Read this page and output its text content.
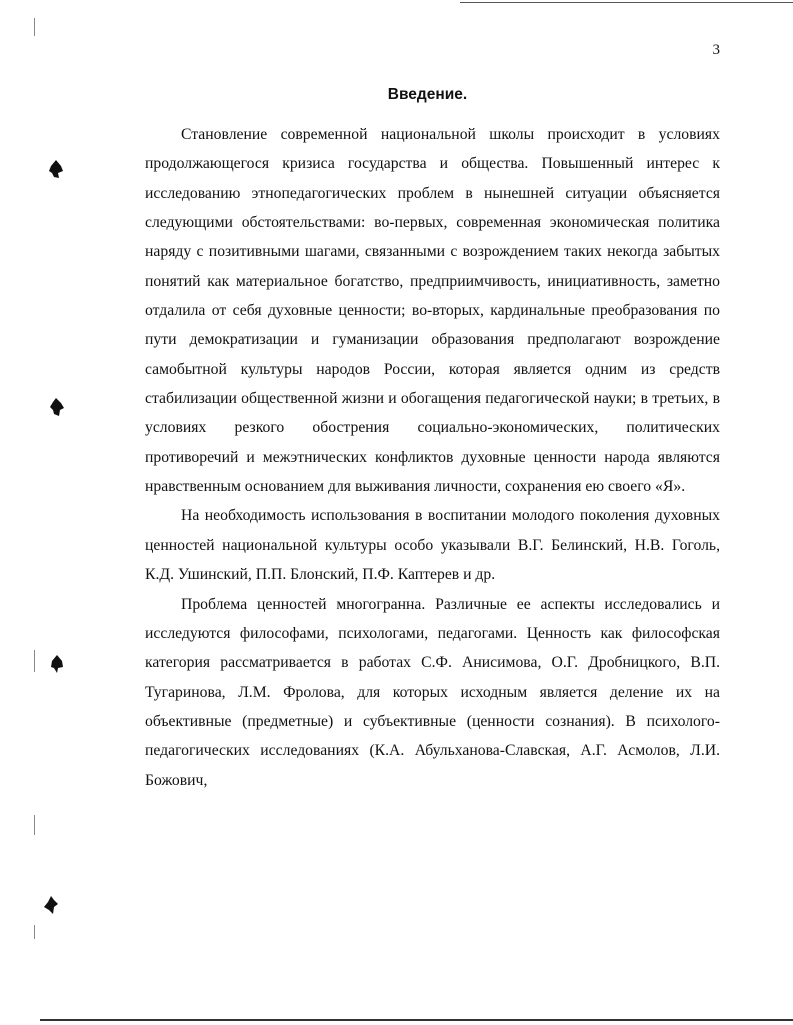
3
Введение.

Становление современной национальной школы происходит в условиях продолжающегося кризиса государства и общества. Повышенный интерес к исследованию этнопедагогических проблем в нынешней ситуации объясняется следующими обстоятельствами: во-первых, современная экономическая политика наряду с позитивными шагами, связанными с возрождением таких некогда забытых понятий как материальное богатство, предприимчивость, инициативность, заметно отдалила от себя духовные ценности; во-вторых, кардинальные преобразования по пути демократизации и гуманизации образования предполагают возрождение самобытной культуры народов России, которая является одним из средств стабилизации общественной жизни и обогащения педагогической науки; в третьих, в условиях резкого обострения социально-экономических, политических противоречий и межэтнических конфликтов духовные ценности народа являются нравственным основанием для выживания личности, сохранения ею своего «Я».

На необходимость использования в воспитании молодого поколения духовных ценностей национальной культуры особо указывали В.Г. Белинский, Н.В. Гоголь, К.Д. Ушинский, П.П. Блонский, П.Ф. Каптерев и др.

Проблема ценностей многогранна. Различные ее аспекты исследовались и исследуются философами, психологами, педагогами. Ценность как философская категория рассматривается в работах С.Ф. Анисимова, О.Г. Дробницкого, В.П. Тугаринова, Л.М. Фролова, для которых исходным является деление их на объективные (предметные) и субъективные (ценности сознания). В психолого-педагогических исследованиях (К.А. Абульханова-Славская, А.Г. Асмолов, Л.И. Божович,
